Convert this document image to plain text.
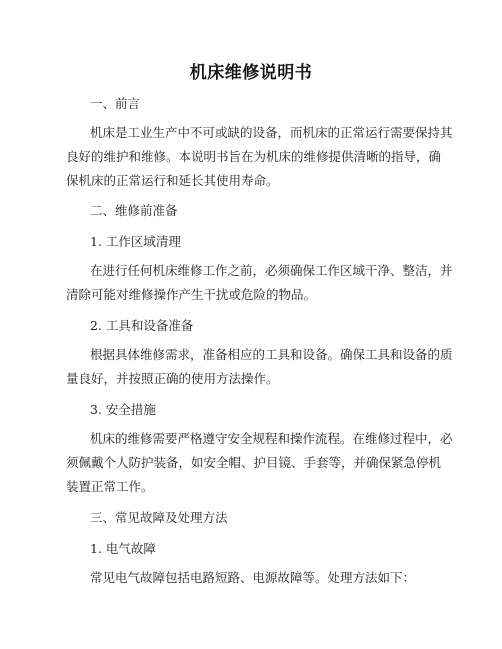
机床维修说明书
一、前言
机床是工业生产中不可或缺的设备，而机床的正常运行需要保持其
良好的维护和维修。本说明书旨在为机床的维修提供清晰的指导，确
保机床的正常运行和延长其使用寿命。
二、维修前准备
1. 工作区域清理
在进行任何机床维修工作之前，必须确保工作区域干净、整洁，并
清除可能对维修操作产生干扰或危险的物品。
2. 工具和设备准备
根据具体维修需求，准备相应的工具和设备。确保工具和设备的质
量良好，并按照正确的使用方法操作。
3. 安全措施
机床的维修需要严格遵守安全规程和操作流程。在维修过程中，必
须佩戴个人防护装备，如安全帽、护目镜、手套等，并确保紧急停机
装置正常工作。
三、常见故障及处理方法
1. 电气故障
常见电气故障包括电路短路、电源故障等。处理方法如下：
